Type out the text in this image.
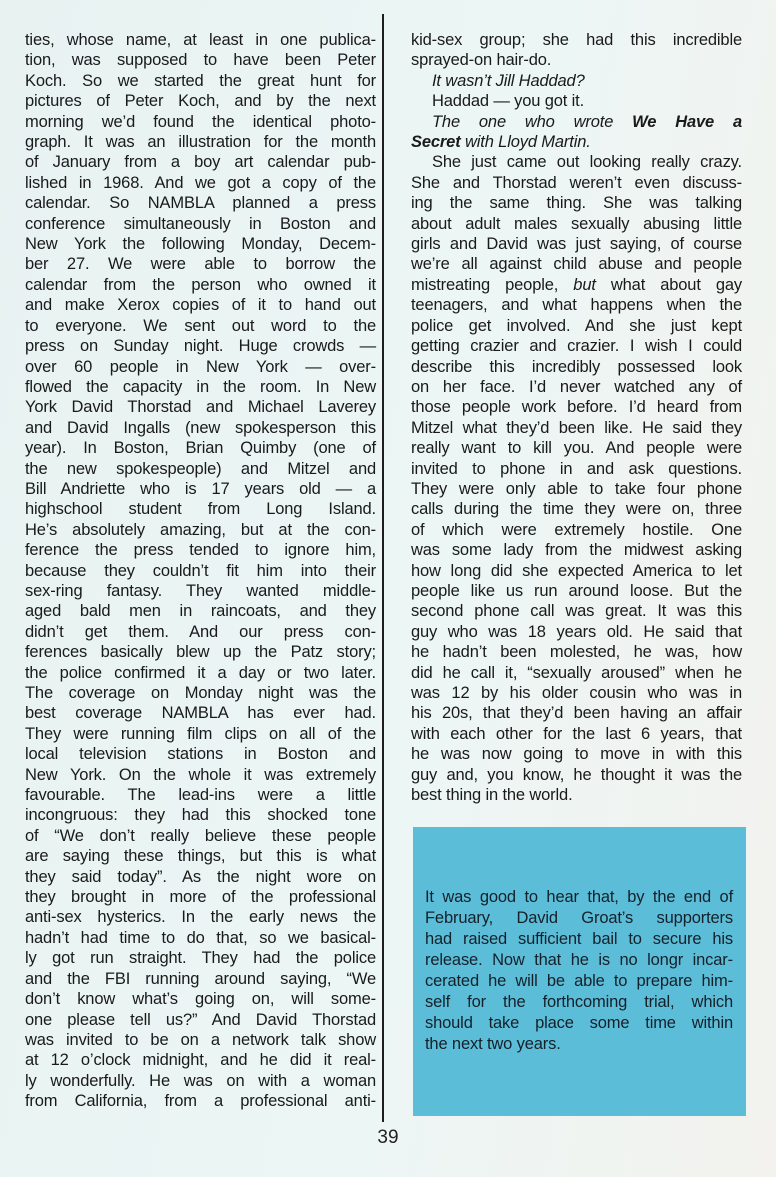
ties, whose name, at least in one publica-
tion, was supposed to have been Peter
Koch. So we started the great hunt for
pictures of Peter Koch, and by the next
morning we’d found the identical photo-
graph. It was an illustration for the month
of January from a boy art calendar pub-
lished in 1968. And we got a copy of the
calendar. So NAMBLA planned a press
conference simultaneously in Boston and
New York the following Monday, Decem-
ber 27. We were able to borrow the
calendar from the person who owned it
and make Xerox copies of it to hand out
to everyone. We sent out word to the
press on Sunday night. Huge crowds —
over 60 people in New York — over-
flowed the capacity in the room. In New
York David Thorstad and Michael Laverey
and David Ingalls (new spokesperson this
year). In Boston, Brian Quimby (one of
the new spokespeople) and Mitzel and
Bill Andriette who is 17 years old — a
highschool student from Long Island.
He’s absolutely amazing, but at the con-
ference the press tended to ignore him,
because they couldn’t fit him into their
sex-ring fantasy. They wanted middle-
aged bald men in raincoats, and they
didn’t get them. And our press con-
ferences basically blew up the Patz story;
the police confirmed it a day or two later.
The coverage on Monday night was the
best coverage NAMBLA has ever had.
They were running film clips on all of the
local television stations in Boston and
New York. On the whole it was extremely
favourable. The lead-ins were a little
incongruous: they had this shocked tone
of “We don’t really believe these people
are saying these things, but this is what
they said today”. As the night wore on
they brought in more of the professional
anti-sex hysterics. In the early news the
hadn’t had time to do that, so we basical-
ly got run straight. They had the police
and the FBI running around saying, “We
don’t know what’s going on, will some-
one please tell us?” And David Thorstad
was invited to be on a network talk show
at 12 o’clock midnight, and he did it real-
ly wonderfully. He was on with a woman
from California, from a professional anti-
kid-sex group; she had this incredible
sprayed-on hair-do.
It wasn’t Jill Haddad?
Haddad — you got it.
The one who wrote We Have a
Secret with Lloyd Martin.
She just came out looking really crazy.
She and Thorstad weren’t even discuss-
ing the same thing. She was talking
about adult males sexually abusing little
girls and David was just saying, of course
we’re all against child abuse and people
mistreating people, but what about gay
teenagers, and what happens when the
police get involved. And she just kept
getting crazier and crazier. I wish I could
describe this incredibly possessed look
on her face. I’d never watched any of
those people work before. I’d heard from
Mitzel what they’d been like. He said they
really want to kill you. And people were
invited to phone in and ask questions.
They were only able to take four phone
calls during the time they were on, three
of which were extremely hostile. One
was some lady from the midwest asking
how long did she expected America to let
people like us run around loose. But the
second phone call was great. It was this
guy who was 18 years old. He said that
he hadn’t been molested, he was, how
did he call it, “sexually aroused” when he
was 12 by his older cousin who was in
his 20s, that they’d been having an affair
with each other for the last 6 years, that
he was now going to move in with this
guy and, you know, he thought it was the
best thing in the world.
It was good to hear that, by the end of
February, David Groat’s supporters
had raised sufficient bail to secure his
release. Now that he is no longr incar-
cerated he will be able to prepare him-
self for the forthcoming trial, which
should take place some time within
the next two years.
39
